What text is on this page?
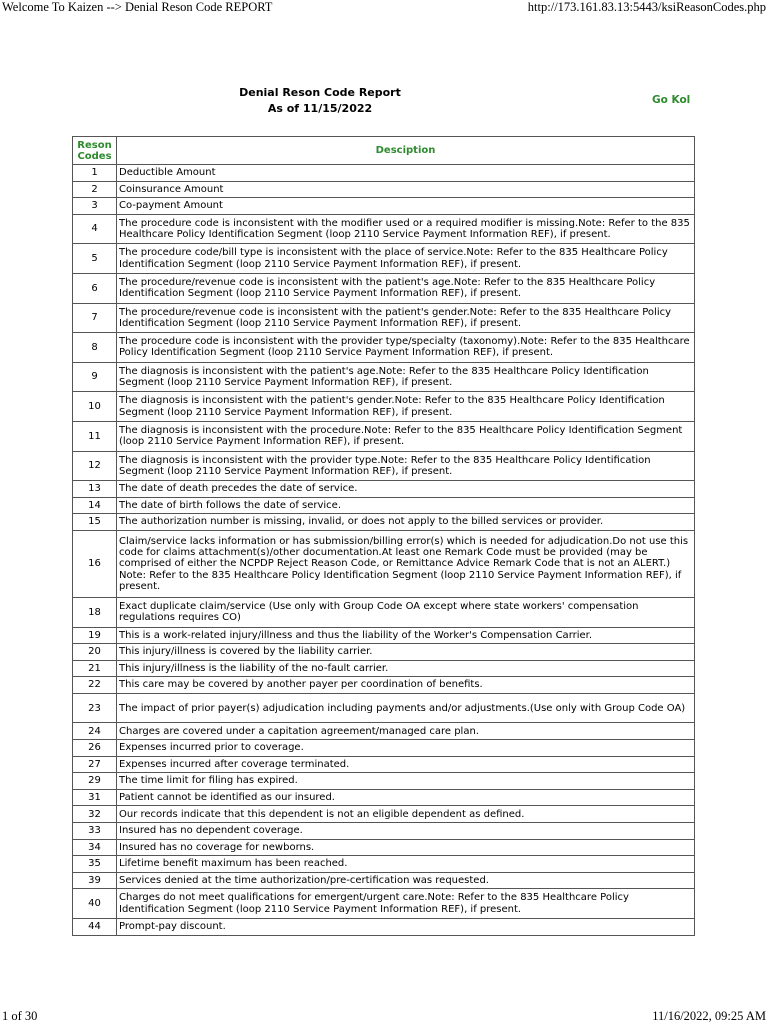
Welcome To Kaizen --> Denial Reson Code REPORT	http://173.161.83.13:5443/ksiReasonCodes.php
Denial Reson Code Report
As of 11/15/2022
Go Kol
Reson Codes	Desciption
1	Deductible Amount
2	Coinsurance Amount
3	Co-payment Amount
4	The procedure code is inconsistent with the modifier used or a required modifier is missing.Note: Refer to the 835 Healthcare Policy Identification Segment (loop 2110 Service Payment Information REF), if present.
5	The procedure code/bill type is inconsistent with the place of service.Note: Refer to the 835 Healthcare Policy Identification Segment (loop 2110 Service Payment Information REF), if present.
6	The procedure/revenue code is inconsistent with the patient's age.Note: Refer to the 835 Healthcare Policy Identification Segment (loop 2110 Service Payment Information REF), if present.
7	The procedure/revenue code is inconsistent with the patient's gender.Note: Refer to the 835 Healthcare Policy Identification Segment (loop 2110 Service Payment Information REF), if present.
8	The procedure code is inconsistent with the provider type/specialty (taxonomy).Note: Refer to the 835 Healthcare Policy Identification Segment (loop 2110 Service Payment Information REF), if present.
9	The diagnosis is inconsistent with the patient's age.Note: Refer to the 835 Healthcare Policy Identification Segment (loop 2110 Service Payment Information REF), if present.
10	The diagnosis is inconsistent with the patient's gender.Note: Refer to the 835 Healthcare Policy Identification Segment (loop 2110 Service Payment Information REF), if present.
11	The diagnosis is inconsistent with the procedure.Note: Refer to the 835 Healthcare Policy Identification Segment (loop 2110 Service Payment Information REF), if present.
12	The diagnosis is inconsistent with the provider type.Note: Refer to the 835 Healthcare Policy Identification Segment (loop 2110 Service Payment Information REF), if present.
13	The date of death precedes the date of service.
14	The date of birth follows the date of service.
15	The authorization number is missing, invalid, or does not apply to the billed services or provider.
16	Claim/service lacks information or has submission/billing error(s) which is needed for adjudication.Do not use this code for claims attachment(s)/other documentation.At least one Remark Code must be provided (may be comprised of either the NCPDP Reject Reason Code, or Remittance Advice Remark Code that is not an ALERT.) Note: Refer to the 835 Healthcare Policy Identification Segment (loop 2110 Service Payment Information REF), if present.
18	Exact duplicate claim/service (Use only with Group Code OA except where state workers' compensation regulations requires CO)
19	This is a work-related injury/illness and thus the liability of the Worker's Compensation Carrier.
20	This injury/illness is covered by the liability carrier.
21	This injury/illness is the liability of the no-fault carrier.
22	This care may be covered by another payer per coordination of benefits.
23	The impact of prior payer(s) adjudication including payments and/or adjustments.(Use only with Group Code OA)
24	Charges are covered under a capitation agreement/managed care plan.
26	Expenses incurred prior to coverage.
27	Expenses incurred after coverage terminated.
29	The time limit for filing has expired.
31	Patient cannot be identified as our insured.
32	Our records indicate that this dependent is not an eligible dependent as defined.
33	Insured has no dependent coverage.
34	Insured has no coverage for newborns.
35	Lifetime benefit maximum has been reached.
39	Services denied at the time authorization/pre-certification was requested.
40	Charges do not meet qualifications for emergent/urgent care.Note: Refer to the 835 Healthcare Policy Identification Segment (loop 2110 Service Payment Information REF), if present.
44	Prompt-pay discount.
1 of 30	11/16/2022, 09:25 AM
